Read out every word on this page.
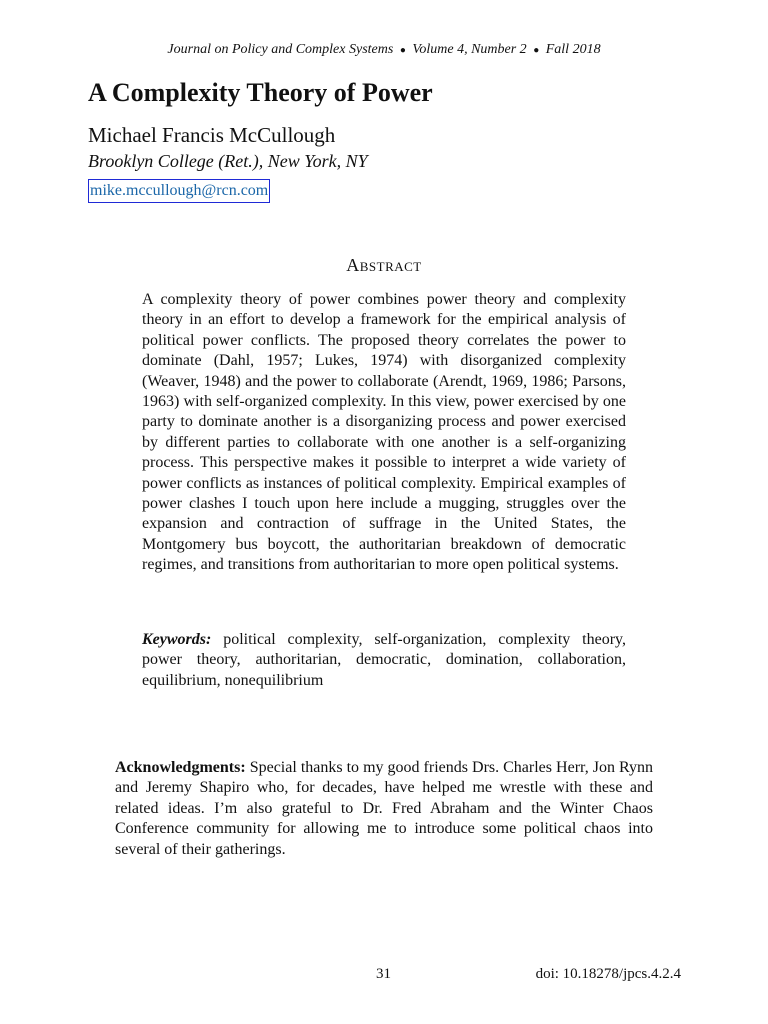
Journal on Policy and Complex Systems ● Volume 4, Number 2 ● Fall 2018
A Complexity Theory of Power
Michael Francis McCullough
Brooklyn College (Ret.), New York, NY
mike.mccullough@rcn.com
Abstract

A complexity theory of power combines power theory and complexity theory in an effort to develop a framework for the empirical analysis of political power conflicts. The proposed theory correlates the power to dominate (Dahl, 1957; Lukes, 1974) with disorganized complexity (Weaver, 1948) and the power to collaborate (Arendt, 1969, 1986; Parsons, 1963) with self-organized complexity. In this view, power exercised by one party to dominate another is a disorganizing process and power exercised by different parties to collaborate with one another is a self-organizing process. This perspective makes it possible to interpret a wide variety of power conflicts as instances of political complexity. Empirical examples of power clashes I touch upon here include a mugging, struggles over the expansion and contraction of suffrage in the United States, the Montgomery bus boycott, the authoritarian breakdown of democratic regimes, and transitions from authoritarian to more open political systems.

Keywords: political complexity, self-organization, complexity theory, power theory, authoritarian, democratic, domination, collaboration, equilibrium, nonequilibrium

Acknowledgments: Special thanks to my good friends Drs. Charles Herr, Jon Rynn and Jeremy Shapiro who, for decades, have helped me wrestle with these and related ideas. I’m also grateful to Dr. Fred Abraham and the Winter Chaos Conference community for allowing me to introduce some political chaos into several of their gatherings.

31	doi: 10.18278/jpcs.4.2.4
